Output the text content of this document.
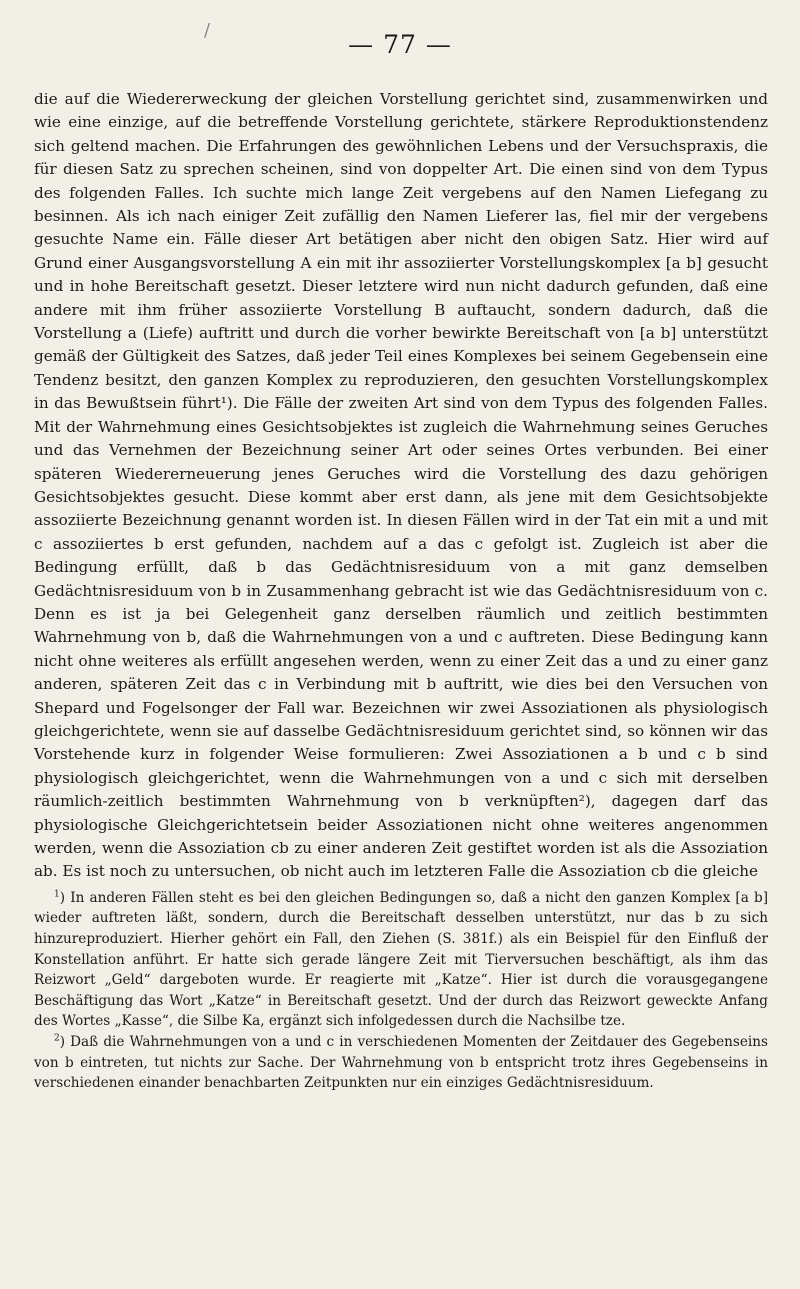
/	— 77 —

die auf die Wiedererweckung der gleichen Vorstellung gerichtet sind, zusammenwirken und wie eine einzige, auf die betreffende Vorstellung gerichtete, stärkere Reproduktionstendenz sich geltend machen. Die Erfahrungen des gewöhnlichen Lebens und der Versuchspraxis, die für diesen Satz zu sprechen scheinen, sind von doppelter Art. Die einen sind von dem Typus des folgenden Falles. Ich suchte mich lange Zeit vergebens auf den Namen Liefegang zu besinnen. Als ich nach einiger Zeit zufällig den Namen Lieferer las, fiel mir der vergebens gesuchte Name ein. Fälle dieser Art betätigen aber nicht den obigen Satz. Hier wird auf Grund einer Ausgangsvorstellung A ein mit ihr assoziierter Vorstellungskomplex [a b] gesucht und in hohe Bereitschaft gesetzt. Dieser letztere wird nun nicht dadurch gefunden, daß eine andere mit ihm früher assoziierte Vorstellung B auftaucht, sondern dadurch, daß die Vorstellung a (Liefe) auftritt und durch die vorher bewirkte Bereitschaft von [a b] unterstützt gemäß der Gültigkeit des Satzes, daß jeder Teil eines Komplexes bei seinem Gegebensein eine Tendenz besitzt, den ganzen Komplex zu reproduzieren, den gesuchten Vorstellungskomplex in das Bewußtsein führt¹). Die Fälle der zweiten Art sind von dem Typus des folgenden Falles. Mit der Wahrnehmung eines Gesichtsobjektes ist zugleich die Wahrnehmung seines Geruches und das Vernehmen der Bezeichnung seiner Art oder seines Ortes verbunden. Bei einer späteren Wiedererneuerung jenes Geruches wird die Vorstellung des dazu gehörigen Gesichtsobjektes gesucht. Diese kommt aber erst dann, als jene mit dem Gesichtsobjekte assoziierte Bezeichnung genannt worden ist. In diesen Fällen wird in der Tat ein mit a und mit c assoziiertes b erst gefunden, nachdem auf a das c gefolgt ist. Zugleich ist aber die Bedingung erfüllt, daß b das Gedächtnisresiduum von a mit ganz demselben Gedächtnisresiduum von b in Zusammenhang gebracht ist wie das Gedächtnisresiduum von c. Denn es ist ja bei Gelegenheit ganz derselben räumlich und zeitlich bestimmten Wahrnehmung von b, daß die Wahrnehmungen von a und c auftreten. Diese Bedingung kann nicht ohne weiteres als erfüllt angesehen werden, wenn zu einer Zeit das a und zu einer ganz anderen, späteren Zeit das c in Verbindung mit b auftritt, wie dies bei den Versuchen von Shepard und Fogelsonger der Fall war. Bezeichnen wir zwei Assoziationen als physiologisch gleichgerichtete, wenn sie auf dasselbe Gedächtnisresiduum gerichtet sind, so können wir das Vorstehende kurz in folgender Weise formulieren: Zwei Assoziationen a b und c b sind physiologisch gleichgerichtet, wenn die Wahrnehmungen von a und c sich mit derselben räumlich-zeitlich bestimmten Wahrnehmung von b verknüpften²), dagegen darf das physiologische Gleichgerichtetsein beider Assoziationen nicht ohne weiteres angenommen werden, wenn die Assoziation cb zu einer anderen Zeit gestiftet worden ist als die Assoziation ab. Es ist noch zu untersuchen, ob nicht auch im letzteren Falle die Assoziation cb die gleiche

$^1$) In anderen Fällen steht es bei den gleichen Bedingungen so, daß a nicht den ganzen Komplex [a b] wieder auftreten läßt, sondern, durch die Bereitschaft desselben unterstützt, nur das b zu sich hinzureproduziert. Hierher gehört ein Fall, den Ziehen (S. 381f.) als ein Beispiel für den Einfluß der Konstellation anführt. Er hatte sich gerade längere Zeit mit Tierversuchen beschäftigt, als ihm das Reizwort „Geld“ dargeboten wurde. Er reagierte mit „Katze“. Hier ist durch die vorausgegangene Beschäftigung das Wort „Katze“ in Bereitschaft gesetzt. Und der durch das Reizwort geweckte Anfang des Wortes „Kasse“, die Silbe Ka, ergänzt sich infolgedessen durch die Nachsilbe tze.

$^2$) Daß die Wahrnehmungen von a und c in verschiedenen Momenten der Zeitdauer des Gegebenseins von b eintreten, tut nichts zur Sache. Der Wahrnehmung von b entspricht trotz ihres Gegebenseins in verschiedenen einander benachbarten Zeitpunkten nur ein einziges Gedächtnisresiduum.
